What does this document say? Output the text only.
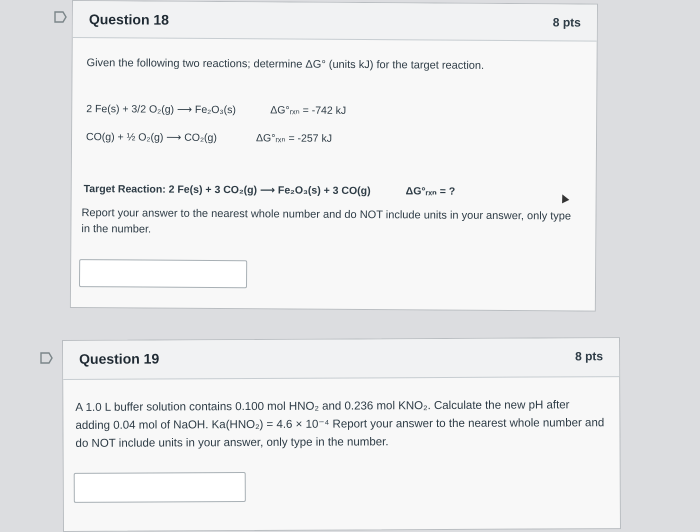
Question 18	8 pts
Given the following two reactions; determine ΔG° (units kJ) for the target reaction.
2 Fe(s) + 3/2 O₂(g) ⟶ Fe₂O₃(s)	ΔG°ᵣₓₙ = -742 kJ
CO(g) + ½ O₂(g) ⟶ CO₂(g)	ΔG°ᵣₓₙ = -257 kJ
Target Reaction: 2 Fe(s) + 3 CO₂(g) ⟶ Fe₂O₃(s) + 3 CO(g)	ΔG°ᵣₓₙ = ?
Report your answer to the nearest whole number and do NOT include units in your answer, only type in the number.
Question 19	8 pts
A 1.0 L buffer solution contains 0.100 mol HNO₂ and 0.236 mol KNO₂. Calculate the new pH after adding 0.04 mol of NaOH. Ka(HNO₂) = 4.6 × 10⁻⁴ Report your answer to the nearest whole number and do NOT include units in your answer, only type in the number.
